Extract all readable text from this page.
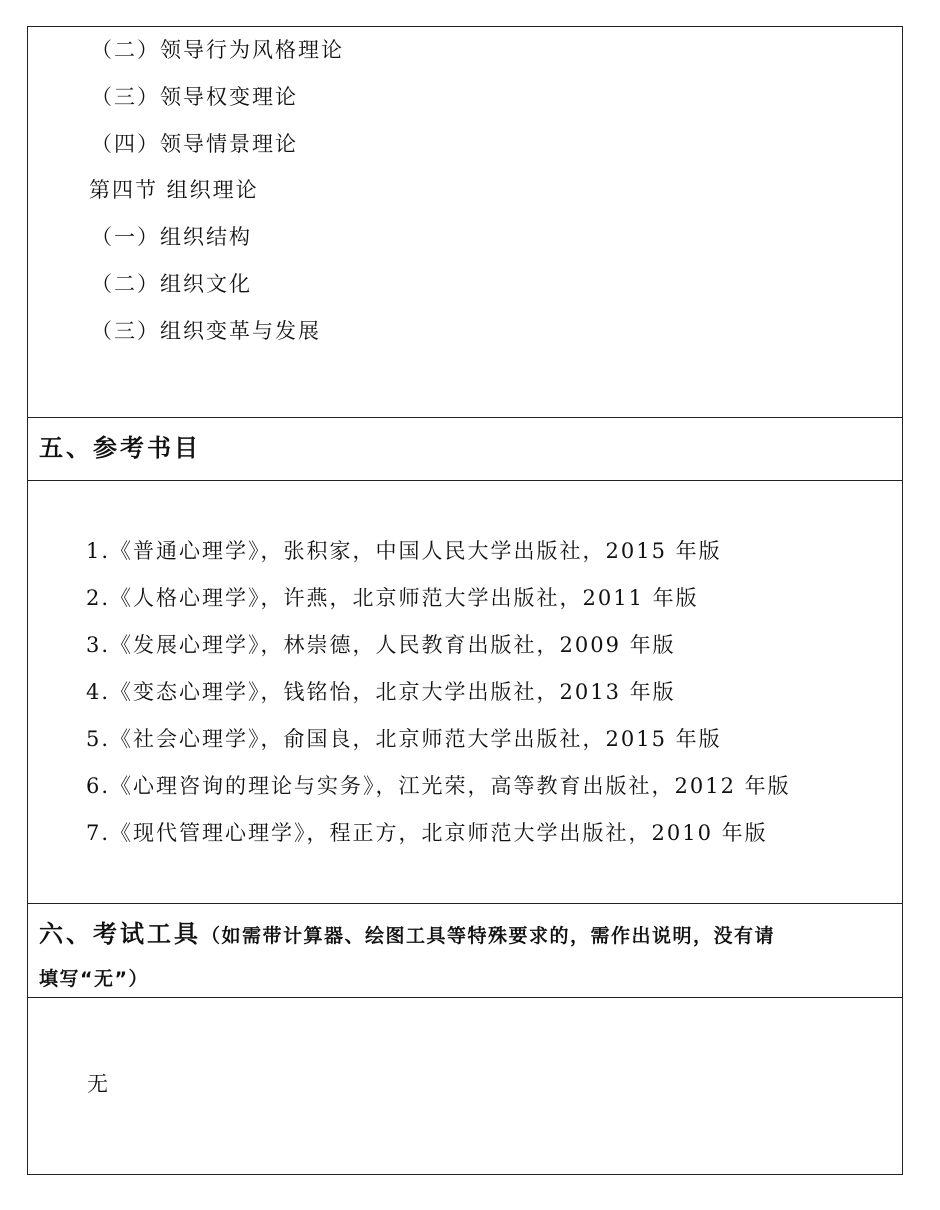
（二）领导行为风格理论
（三）领导权变理论
（四）领导情景理论
第四节 组织理论
（一）组织结构
（二）组织文化
（三）组织变革与发展
五、参考书目
1.《普通心理学》，张积家，中国人民大学出版社，2015 年版
2.《人格心理学》，许燕，北京师范大学出版社，2011 年版
3.《发展心理学》，林崇德，人民教育出版社，2009 年版
4.《变态心理学》，钱铭怡，北京大学出版社，2013 年版
5.《社会心理学》，俞国良，北京师范大学出版社，2015 年版
6.《心理咨询的理论与实务》，江光荣，高等教育出版社，2012 年版
7.《现代管理心理学》，程正方，北京师范大学出版社，2010 年版
六、考试工具（如需带计算器、绘图工具等特殊要求的，需作出说明，没有请
填写“无”）
无
